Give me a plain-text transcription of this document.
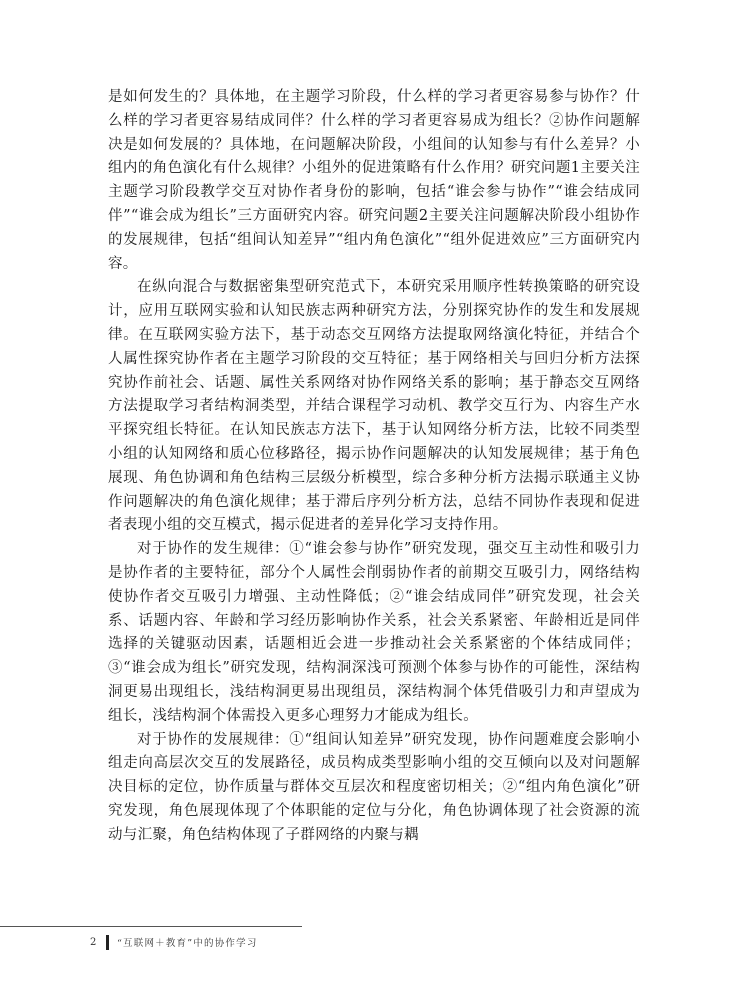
是如何发生的？具体地，在主题学习阶段，什么样的学习者更容易参与协作？什么样的学习者更容易结成同伴？什么样的学习者更容易成为组长？②协作问题解决是如何发展的？具体地，在问题解决阶段，小组间的认知参与有什么差异？小组内的角色演化有什么规律？小组外的促进策略有什么作用？研究问题1主要关注主题学习阶段教学交互对协作者身份的影响，包括“谁会参与协作”“谁会结成同伴”“谁会成为组长”三方面研究内容。研究问题2主要关注问题解决阶段小组协作的发展规律，包括“组间认知差异”“组内角色演化”“组外促进效应”三方面研究内容。

在纵向混合与数据密集型研究范式下，本研究采用顺序性转换策略的研究设计，应用互联网实验和认知民族志两种研究方法，分别探究协作的发生和发展规律。在互联网实验方法下，基于动态交互网络方法提取网络演化特征，并结合个人属性探究协作者在主题学习阶段的交互特征；基于网络相关与回归分析方法探究协作前社会、话题、属性关系网络对协作网络关系的影响；基于静态交互网络方法提取学习者结构洞类型，并结合课程学习动机、教学交互行为、内容生产水平探究组长特征。在认知民族志方法下，基于认知网络分析方法，比较不同类型小组的认知网络和质心位移路径，揭示协作问题解决的认知发展规律；基于角色展现、角色协调和角色结构三层级分析模型，综合多种分析方法揭示联通主义协作问题解决的角色演化规律；基于滞后序列分析方法，总结不同协作表现和促进者表现小组的交互模式，揭示促进者的差异化学习支持作用。

对于协作的发生规律：①“谁会参与协作”研究发现，强交互主动性和吸引力是协作者的主要特征，部分个人属性会削弱协作者的前期交互吸引力，网络结构使协作者交互吸引力增强、主动性降低；②“谁会结成同伴”研究发现，社会关系、话题内容、年龄和学习经历影响协作关系，社会关系紧密、年龄相近是同伴选择的关键驱动因素，话题相近会进一步推动社会关系紧密的个体结成同伴；③“谁会成为组长”研究发现，结构洞深浅可预测个体参与协作的可能性，深结构洞更易出现组长，浅结构洞更易出现组员，深结构洞个体凭借吸引力和声望成为组长，浅结构洞个体需投入更多心理努力才能成为组长。

对于协作的发展规律：①“组间认知差异”研究发现，协作问题难度会影响小组走向高层次交互的发展路径，成员构成类型影响小组的交互倾向以及对问题解决目标的定位，协作质量与群体交互层次和程度密切相关；②“组内角色演化”研究发现，角色展现体现了个体职能的定位与分化，角色协调体现了社会资源的流动与汇聚，角色结构体现了子群网络的内聚与耦

2	“互联网＋教育”中的协作学习
